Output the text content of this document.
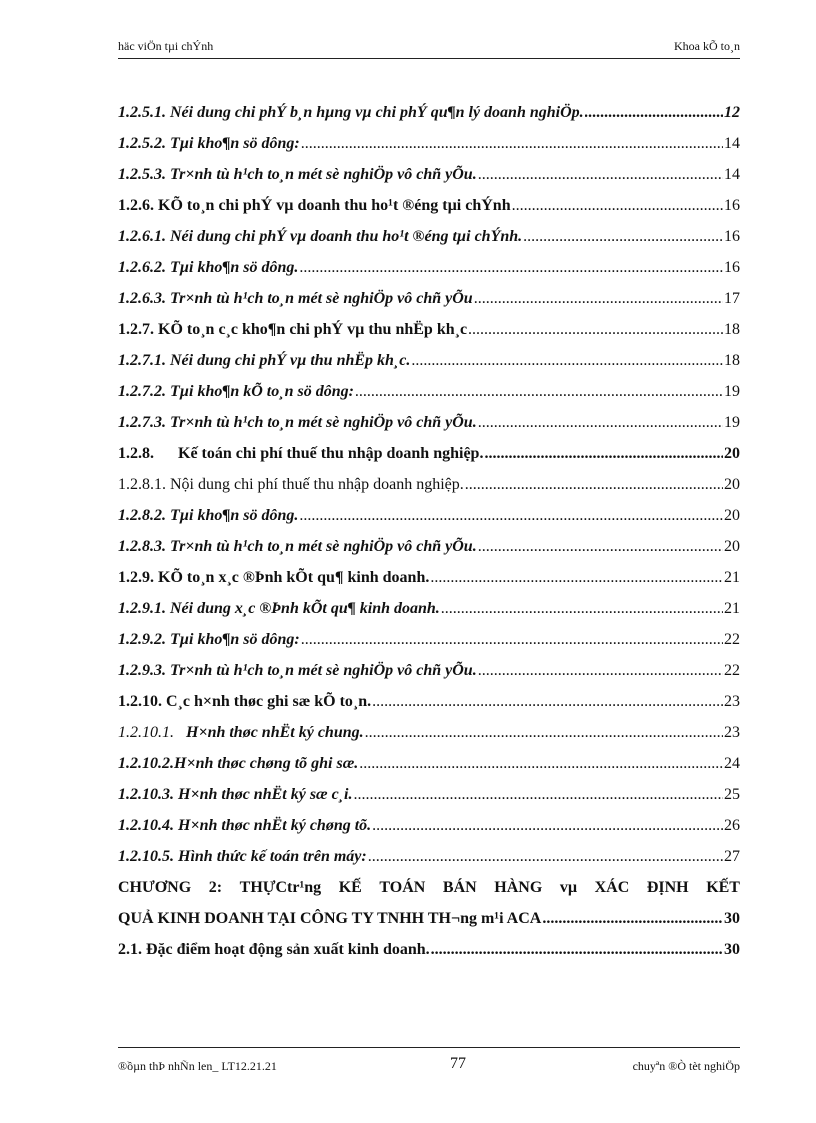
häc viÖn tµi chÝnh	Khoa kÕ to¸n
1.2.5.1. Néi dung chi phÝ b¸n hµng vµ chi phÝ qu¶n lý doanh nghiÖp. .....	12
1.2.5.2. Tµi kho¶n sö dông: .....	14
1.2.5.3. Tr×nh tù h¹ch to¸n mét sè nghiÖp vô chñ yÕu. .....	14
1.2.6. KÕ to¸n chi phÝ vµ doanh thu ho¹t ®éng tµi chÝnh .....	16
1.2.6.1. Néi dung chi phÝ vµ doanh thu ho¹t ®éng tµi chÝnh. .....	16
1.2.6.2. Tµi kho¶n sö dông. .....	16
1.2.6.3. Tr×nh tù h¹ch to¸n mét sè nghiÖp vô chñ yÕu .....	17
1.2.7. KÕ to¸n c¸c kho¶n chi phÝ vµ thu nhËp kh¸c .....	18
1.2.7.1. Néi dung chi phÝ vµ thu nhËp kh¸c. .....	18
1.2.7.2. Tµi kho¶n kÕ to¸n sö dông: .....	19
1.2.7.3. Tr×nh tù h¹ch to¸n mét sè nghiÖp vô chñ yÕu. .....	19
1.2.8. Kế toán chi phí thuế thu nhập doanh nghiệp. .....	20
1.2.8.1. Nội dung chi phí thuế thu nhập doanh nghiệp. .....	20
1.2.8.2. Tµi kho¶n sö dông. .....	20
1.2.8.3. Tr×nh tù h¹ch to¸n mét sè nghiÖp vô chñ yÕu. .....	20
1.2.9. KÕ to¸n x¸c ®Þnh kÕt qu¶ kinh doanh. .....	21
1.2.9.1. Néi dung x¸c ®Þnh kÕt qu¶ kinh doanh. .....	21
1.2.9.2. Tµi kho¶n sö dông: .....	22
1.2.9.3. Tr×nh tù h¹ch to¸n mét sè nghiÖp vô chñ yÕu. .....	22
1.2.10. C¸c h×nh thøc ghi sæ kÕ to¸n. .....	23
1.2.10.1. H×nh thøc nhËt ký chung. .....	23
1.2.10.2.H×nh thøc chøng tõ ghi sæ. .....	24
1.2.10.3. H×nh thøc nhËt ký sæ c¸i. .....	25
1.2.10.4. H×nh thøc nhËt ký chøng tõ. .....	26
1.2.10.5. Hình thức kế toán trên máy: .....	27
CHƯƠNG 2: THỰCtr¹ng KẾ TOÁN BÁN HÀNG vµ XÁC ĐỊNH KẾT
QUẢ KINH DOANH TẠI CÔNG TY TNHH TH¬ng m¹i ACA .....	30
2.1. Đặc điểm hoạt động sản xuất kinh doanh. .....	30
®ồµn thÞ nhÑn len_ LT12.21.21	77	chuyªn ®Ò tèt nghiÖp
